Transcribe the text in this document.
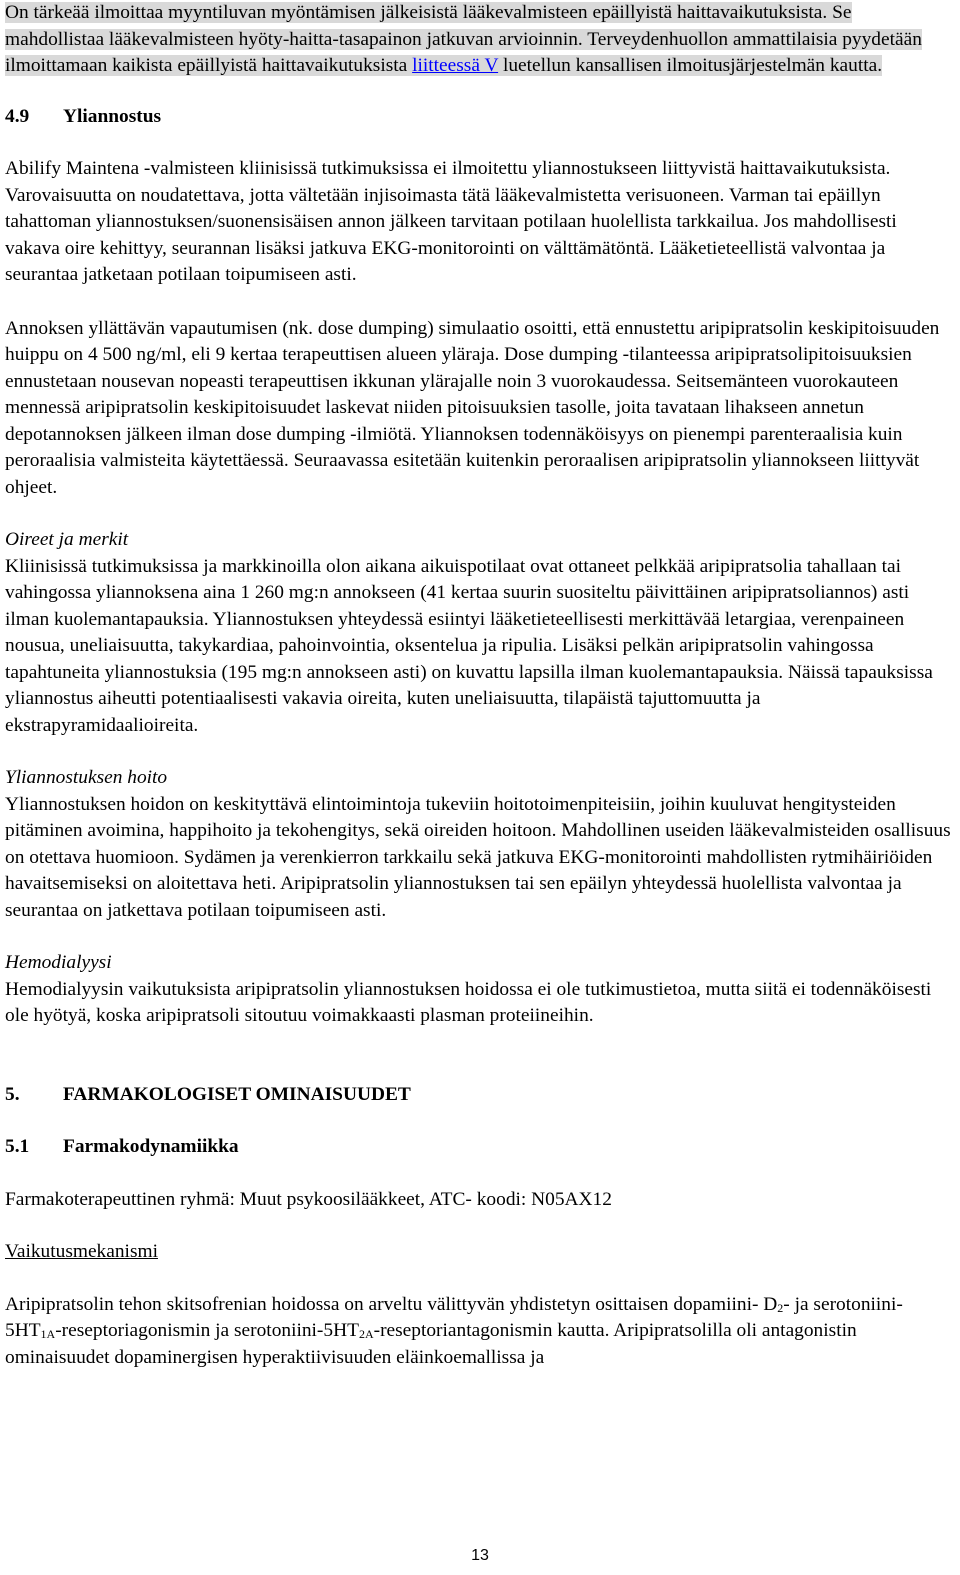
On tärkeää ilmoittaa myyntiluvan myöntämisen jälkeisistä lääkevalmisteen epäillyistä haittavaikutuksista. Se mahdollistaa lääkevalmisteen hyöty-haitta-tasapainon jatkuvan arvioinnin. Terveydenhuollon ammattilaisia pyydetään ilmoittamaan kaikista epäillyistä haittavaikutuksista liitteessä V luetellun kansallisen ilmoitusjärjestelmän kautta.

4.9	Yliannostus

Abilify Maintena -valmisteen kliinisissä tutkimuksissa ei ilmoitettu yliannostukseen liittyvistä haittavaikutuksista. Varovaisuutta on noudatettava, jotta vältetään injisoimasta tätä lääkevalmistetta verisuoneen. Varman tai epäillyn tahattoman yliannostuksen/suonensisäisen annon jälkeen tarvitaan potilaan huolellista tarkkailua. Jos mahdollisesti vakava oire kehittyy, seurannan lisäksi jatkuva EKG-monitorointi on välttämätöntä. Lääketieteellistä valvontaa ja seurantaa jatketaan potilaan toipumiseen asti.

Annoksen yllättävän vapautumisen (nk. dose dumping) simulaatio osoitti, että ennustettu aripipratsolin keskipitoisuuden huippu on 4 500 ng/ml, eli 9 kertaa terapeuttisen alueen yläraja. Dose dumping -tilanteessa aripipratsolipitoisuuksien ennustetaan nousevan nopeasti terapeuttisen ikkunan ylärajalle noin 3 vuorokaudessa. Seitsemänteen vuorokauteen mennessä aripipratsolin keskipitoisuudet laskevat niiden pitoisuuksien tasolle, joita tavataan lihakseen annetun depotannoksen jälkeen ilman dose dumping -ilmiötä. Yliannoksen todennäköisyys on pienempi parenteraalisia kuin peroraalisia valmisteita käytettäessä. Seuraavassa esitetään kuitenkin peroraalisen aripipratsolin yliannokseen liittyvät ohjeet.

Oireet ja merkit

Kliinisissä tutkimuksissa ja markkinoilla olon aikana aikuispotilaat ovat ottaneet pelkkää aripipratsolia tahallaan tai vahingossa yliannoksena aina 1 260 mg:n annokseen (41 kertaa suurin suositeltu päivittäinen aripipratsoliannos) asti ilman kuolemantapauksia. Yliannostuksen yhteydessä esiintyi lääketieteellisesti merkittävää letargiaa, verenpaineen nousua, uneliaisuutta, takykardiaa, pahoinvointia, oksentelua ja ripulia. Lisäksi pelkän aripipratsolin vahingossa tapahtuneita yliannostuksia (195 mg:n annokseen asti) on kuvattu lapsilla ilman kuolemantapauksia. Näissä tapauksissa yliannostus aiheutti potentiaalisesti vakavia oireita, kuten uneliaisuutta, tilapäistä tajuttomuutta ja ekstrapyramidaalioireita.

Yliannostuksen hoito

Yliannostuksen hoidon on keskityttävä elintoimintoja tukeviin hoitotoimenpiteisiin, joihin kuuluvat hengitysteiden pitäminen avoimina, happihoito ja tekohengitys, sekä oireiden hoitoon. Mahdollinen useiden lääkevalmisteiden osallisuus on otettava huomioon. Sydämen ja verenkierron tarkkailu sekä jatkuva EKG-monitorointi mahdollisten rytmihäiriöiden havaitsemiseksi on aloitettava heti. Aripipratsolin yliannostuksen tai sen epäilyn yhteydessä huolellista valvontaa ja seurantaa on jatkettava potilaan toipumiseen asti.

Hemodialyysi

Hemodialyysin vaikutuksista aripipratsolin yliannostuksen hoidossa ei ole tutkimustietoa, mutta siitä ei todennäköisesti ole hyötyä, koska aripipratsoli sitoutuu voimakkaasti plasman proteiineihin.

5.	FARMAKOLOGISET OMINAISUUDET
5.1	Farmakodynamiikka

Farmakoterapeuttinen ryhmä: Muut psykoosilääkkeet, ATC- koodi: N05AX12

Vaikutusmekanismi

Aripipratsolin tehon skitsofrenian hoidossa on arveltu välittyvän yhdistetyn osittaisen dopamiini- $D_2-$ ja serotoniini-$5HT_{1A}$-reseptoriagonismin ja serotoniini-$5HT_{2A}$-reseptoriantagonismin kautta. Aripipratsolilla oli antagonistin ominaisuudet dopaminergisen hyperaktiivisuuden eläinkoemallissa ja

13
